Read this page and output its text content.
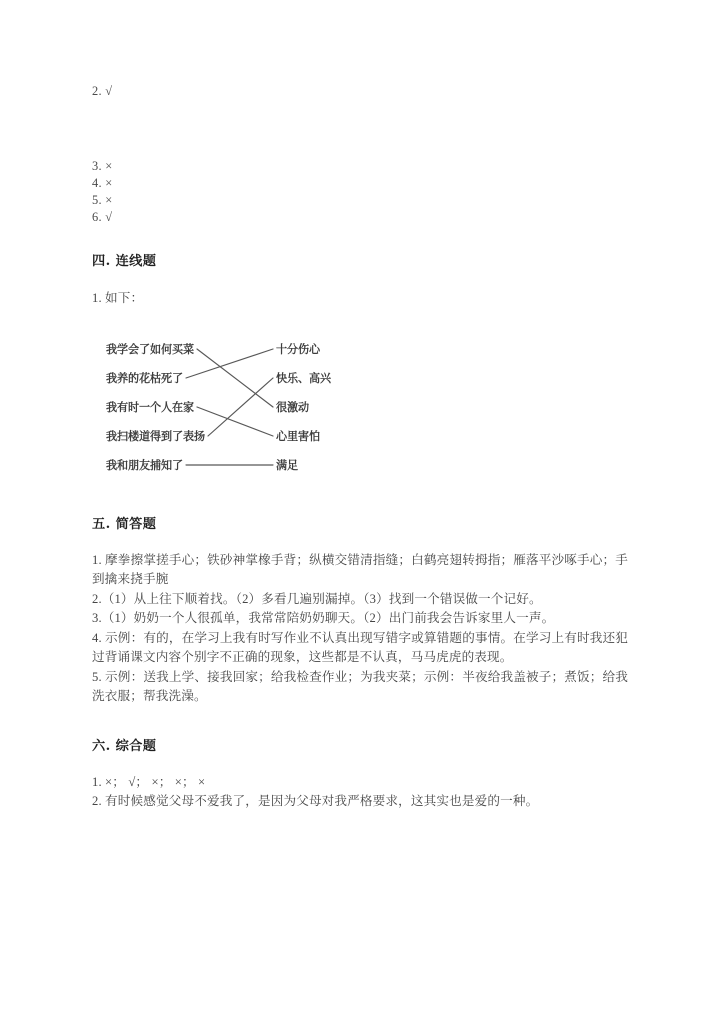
2. √
3. ×
4. ×
5. ×
6. √
四. 连线题
1. 如下：
我学会了如何买菜
我养的花枯死了
我有时一个人在家
我扫楼道得到了表扬
我和朋友捕知了
十分伤心
快乐、高兴
很激动
心里害怕
满足
五. 简答题
1. 摩拳擦掌搓手心；铁砂神掌橡手背；纵横交错清指缝；白鹤亮翅转拇指；雁落平沙啄手心；手到擒来挠手腕
2.（1）从上往下顺着找。（2）多看几遍别漏掉。（3）找到一个错误做一个记好。
3.（1）奶奶一个人很孤单，我常常陪奶奶聊天。（2）出门前我会告诉家里人一声。
4. 示例：有的，在学习上我有时写作业不认真出现写错字或算错题的事情。在学习上有时我还犯过背诵课文内容个别字不正确的现象，这些都是不认真，马马虎虎的表现。
5. 示例：送我上学、接我回家；给我检查作业；为我夹菜；示例：半夜给我盖被子；煮饭；给我洗衣服；帮我洗澡。
六. 综合题
1. ×； √； ×； ×； ×
2. 有时候感觉父母不爱我了，是因为父母对我严格要求，这其实也是爱的一种。
